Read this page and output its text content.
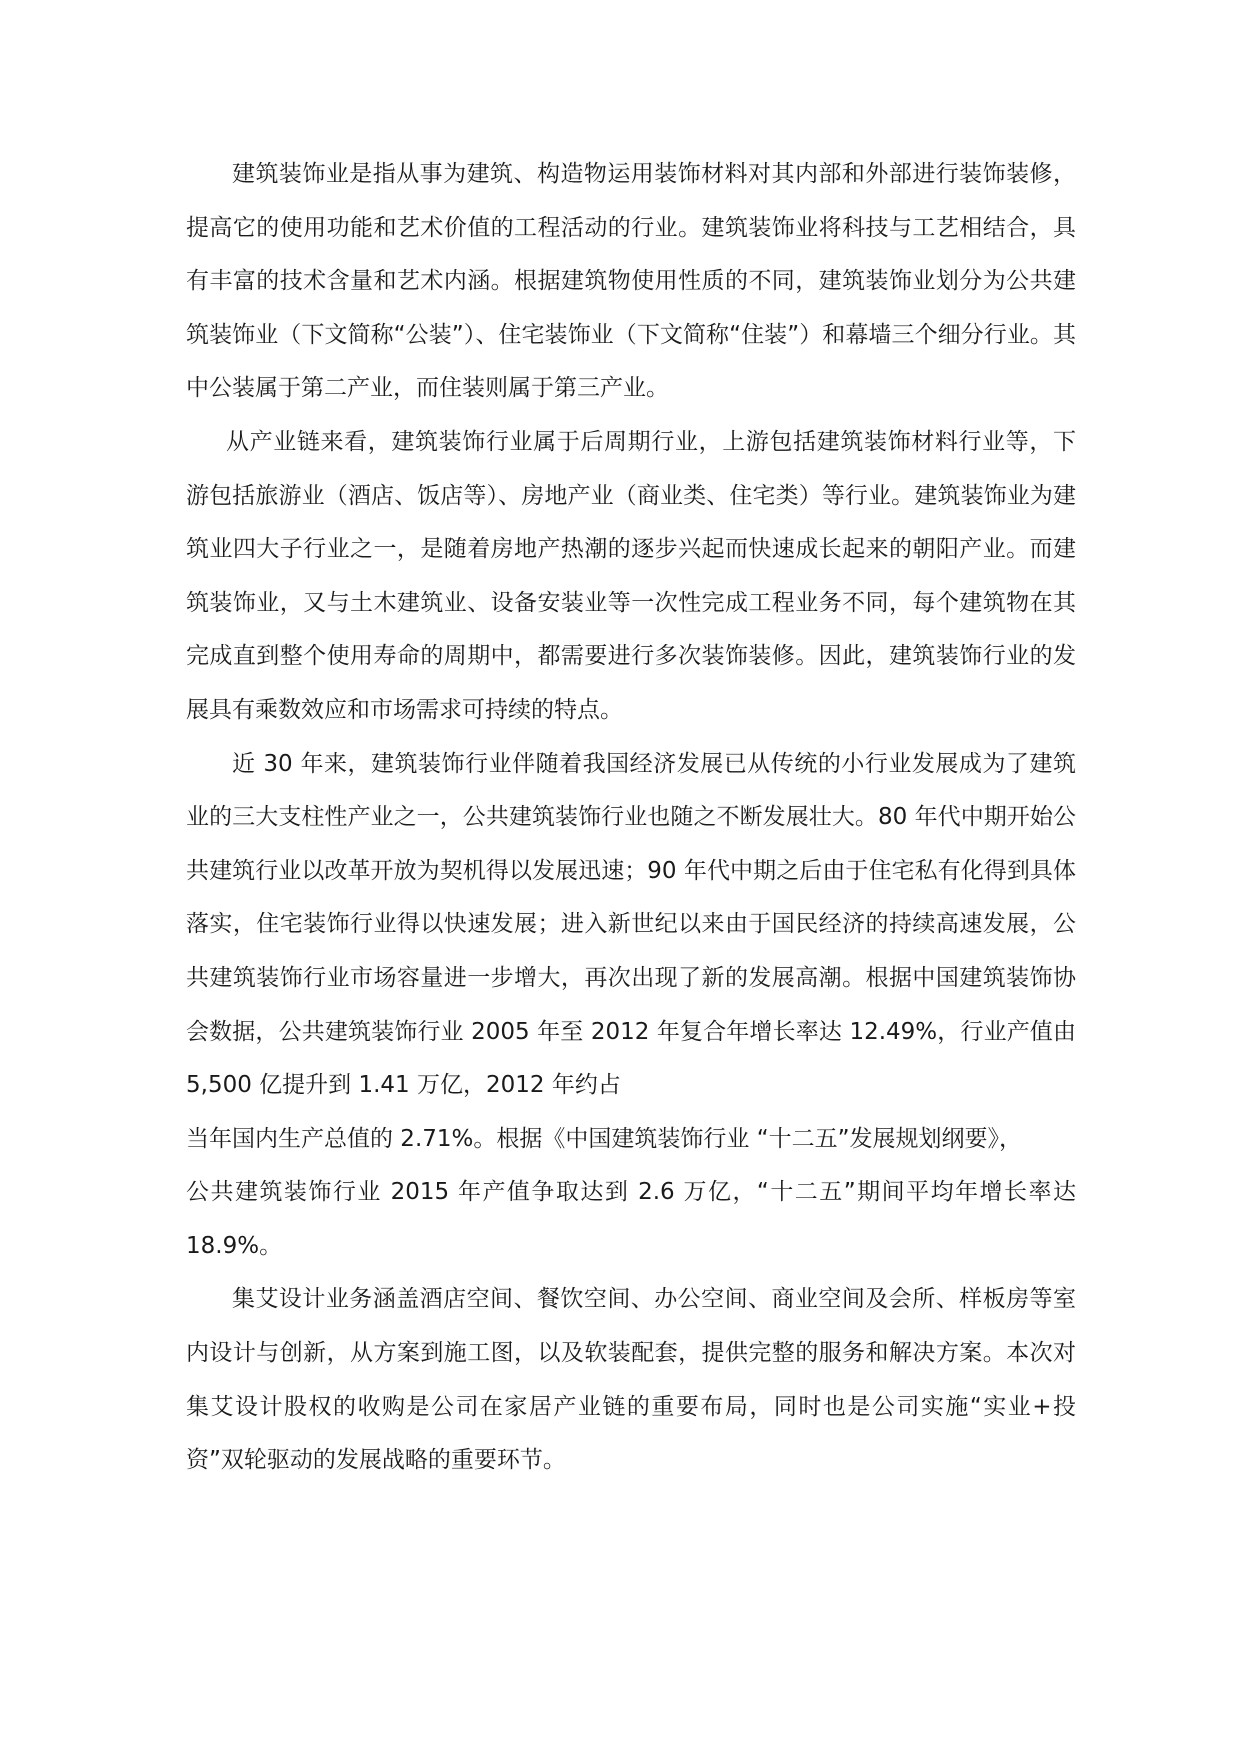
建筑装饰业是指从事为建筑、构造物运用装饰材料对其内部和外部进行装饰装修，提高它的使用功能和艺术价值的工程活动的行业。建筑装饰业将科技与工艺相结合，具有丰富的技术含量和艺术内涵。根据建筑物使用性质的不同，建筑装饰业划分为公共建筑装饰业（下文简称“公装”）、住宅装饰业（下文简称“住装”）和幕墙三个细分行业。其中公装属于第二产业，而住装则属于第三产业。

从产业链来看，建筑装饰行业属于后周期行业，上游包括建筑装饰材料行业等，下游包括旅游业（酒店、饭店等）、房地产业（商业类、住宅类）等行业。建筑装饰业为建筑业四大子行业之一，是随着房地产热潮的逐步兴起而快速成长起来的朝阳产业。而建筑装饰业，又与土木建筑业、设备安装业等一次性完成工程业务不同，每个建筑物在其完成直到整个使用寿命的周期中，都需要进行多次装饰装修。因此，建筑装饰行业的发展具有乘数效应和市场需求可持续的特点。

近 30 年来，建筑装饰行业伴随着我国经济发展已从传统的小行业发展成为了建筑业的三大支柱性产业之一，公共建筑装饰行业也随之不断发展壮大。80 年代中期开始公共建筑行业以改革开放为契机得以发展迅速；90 年代中期之后由于住宅私有化得到具体落实，住宅装饰行业得以快速发展；进入新世纪以来由于国民经济的持续高速发展，公共建筑装饰行业市场容量进一步增大，再次出现了新的发展高潮。根据中国建筑装饰协会数据，公共建筑装饰行业 2005 年至 2012 年复合年增长率达 12.49%，行业产值由 5,500 亿提升到 1.41 万亿，2012 年约占

当年国内生产总值的 2.71%。根据《中国建筑装饰行业 “十二五”发展规划纲要》，

公共建筑装饰行业 2015 年产值争取达到 2.6 万亿，“十二五”期间平均年增长率达 18.9%。

集艾设计业务涵盖酒店空间、餐饮空间、办公空间、商业空间及会所、样板房等室内设计与创新，从方案到施工图，以及软装配套，提供完整的服务和解决方案。本次对集艾设计股权的收购是公司在家居产业链的重要布局，同时也是公司实施“实业+投资”双轮驱动的发展战略的重要环节。
